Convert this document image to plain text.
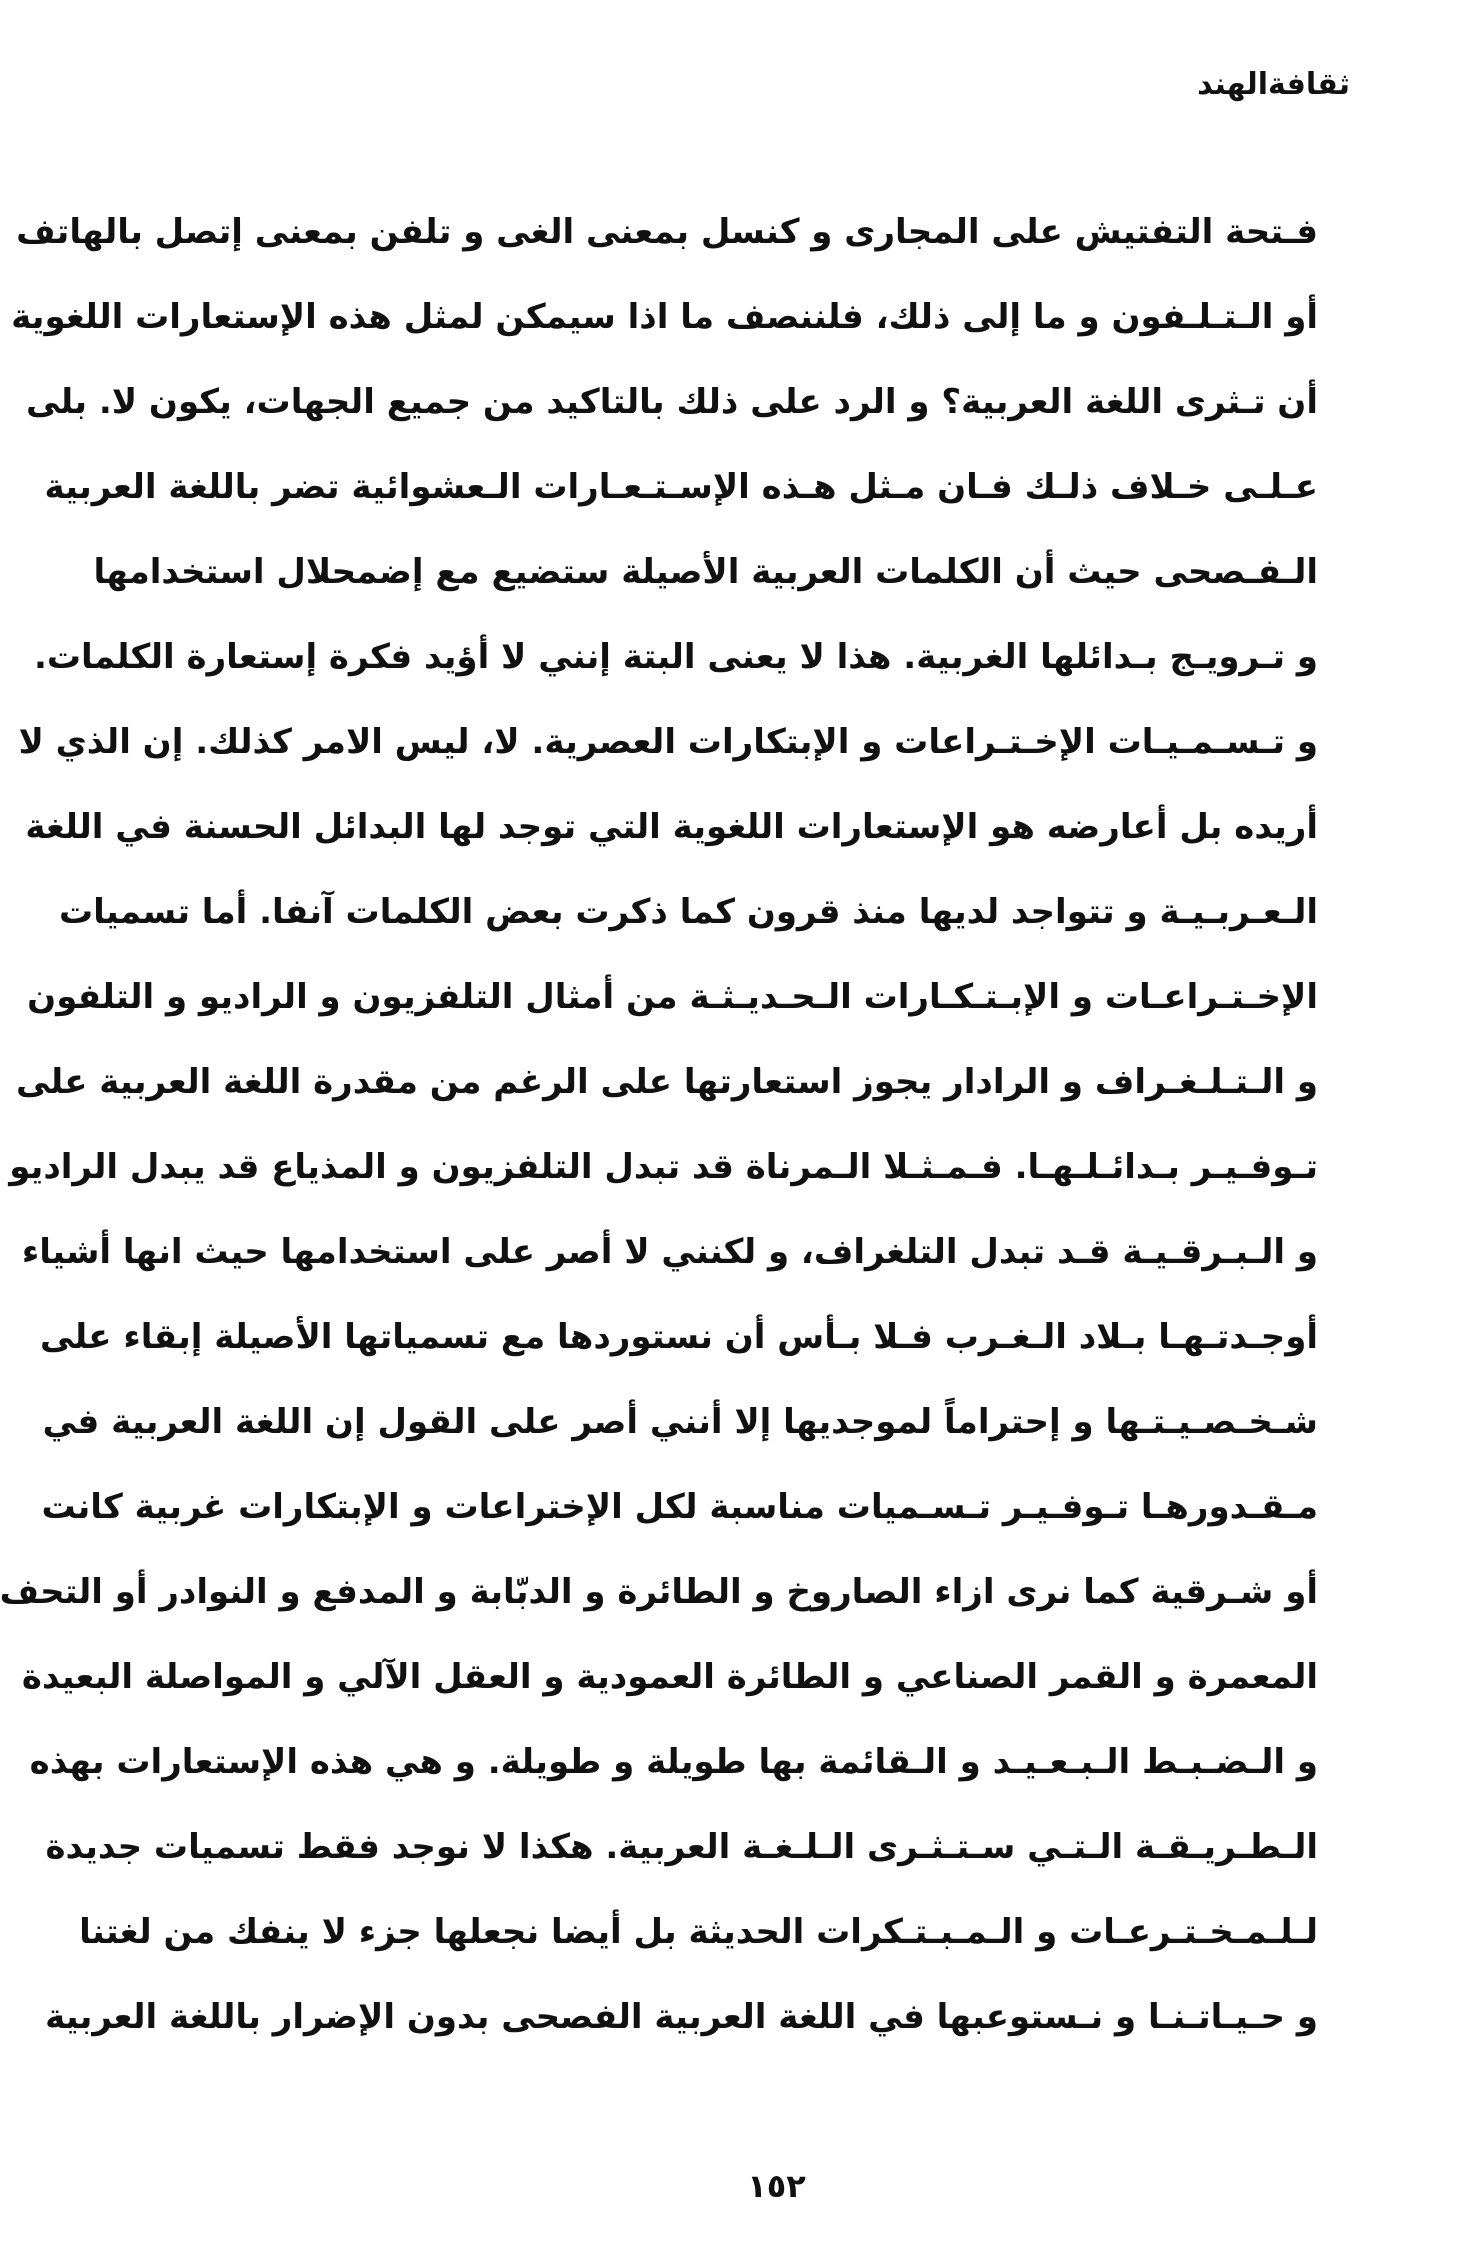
ثقافةالهند
فـتحة التفتيش على المجارى و كنسل بمعنى الغى و تلفن بمعنى إتصل بالهاتف
أو الـتـلـفون و ما إلى ذلك، فلننصف ما اذا سيمكن لمثل هذه الإستعارات اللغوية
أن تـثرى اللغة العربية؟ و الرد على ذلك بالتاكيد من جميع الجهات، يكون لا. بلى
عـلـى خـلاف ذلـك فـان مـثل هـذه الإسـتـعـارات الـعشوائية تضر باللغة العربية
الـفـصحى حيث أن الكلمات العربية الأصيلة ستضيع مع إضمحلال استخدامها
و تـرويـج بـدائلها الغربية. هذا لا يعنى البتة إنني لا أؤيد فكرة إستعارة الكلمات.
و تـسـمـيـات الإخـتـراعات و الإبتكارات العصرية. لا، ليس الامر كذلك. إن الذي لا
أريده بل أعارضه هو الإستعارات اللغوية التي توجد لها البدائل الحسنة في اللغة
الـعـربـيـة و تتواجد لديها منذ قرون كما ذكرت بعض الكلمات آنفا. أما تسميات
الإخـتـراعـات و الإبـتـكـارات الـحـديـثـة من أمثال التلفزيون و الراديو و التلفون
و الـتـلـغـراف و الرادار يجوز استعارتها على الرغم من مقدرة اللغة العربية على
تـوفـيـر بـدائـلـهـا. فـمـثـلا الـمرناة قد تبدل التلفزيون و المذياع قد يبدل الراديو
و الـبـرقـيـة قـد تبدل التلغراف، و لكنني لا أصر على استخدامها حيث انها أشياء
أوجـدتـهـا بـلاد الـغـرب فـلا بـأس أن نستوردها مع تسمياتها الأصيلة إبقاء على
شـخـصـيـتـها و إحتراماً لموجديها إلا أنني أصر على القول إن اللغة العربية في
مـقـدورهـا تـوفـيـر تـسـميات مناسبة لكل الإختراعات و الإبتكارات غربية كانت
أو شـرقية كما نرى ازاء الصاروخ و الطائرة و الدبّابة و المدفع و النوادر أو التحف
المعمرة و القمر الصناعي و الطائرة العمودية و العقل الآلي و المواصلة البعيدة
و الـضـبـط الـبـعـيـد و الـقائمة بها طويلة و طويلة. و هي هذه الإستعارات بهذه
الـطـريـقـة الـتـي سـتـثـرى الـلـغـة العربية. هكذا لا نوجد فقط تسميات جديدة
لـلـمـخـتـرعـات و الـمـبـتـكرات الحديثة بل أيضا نجعلها جزء لا ينفك من لغتنا
و حـيـاتـنـا و نـستوعبها في اللغة العربية الفصحى بدون الإضرار باللغة العربية
١٥٢
